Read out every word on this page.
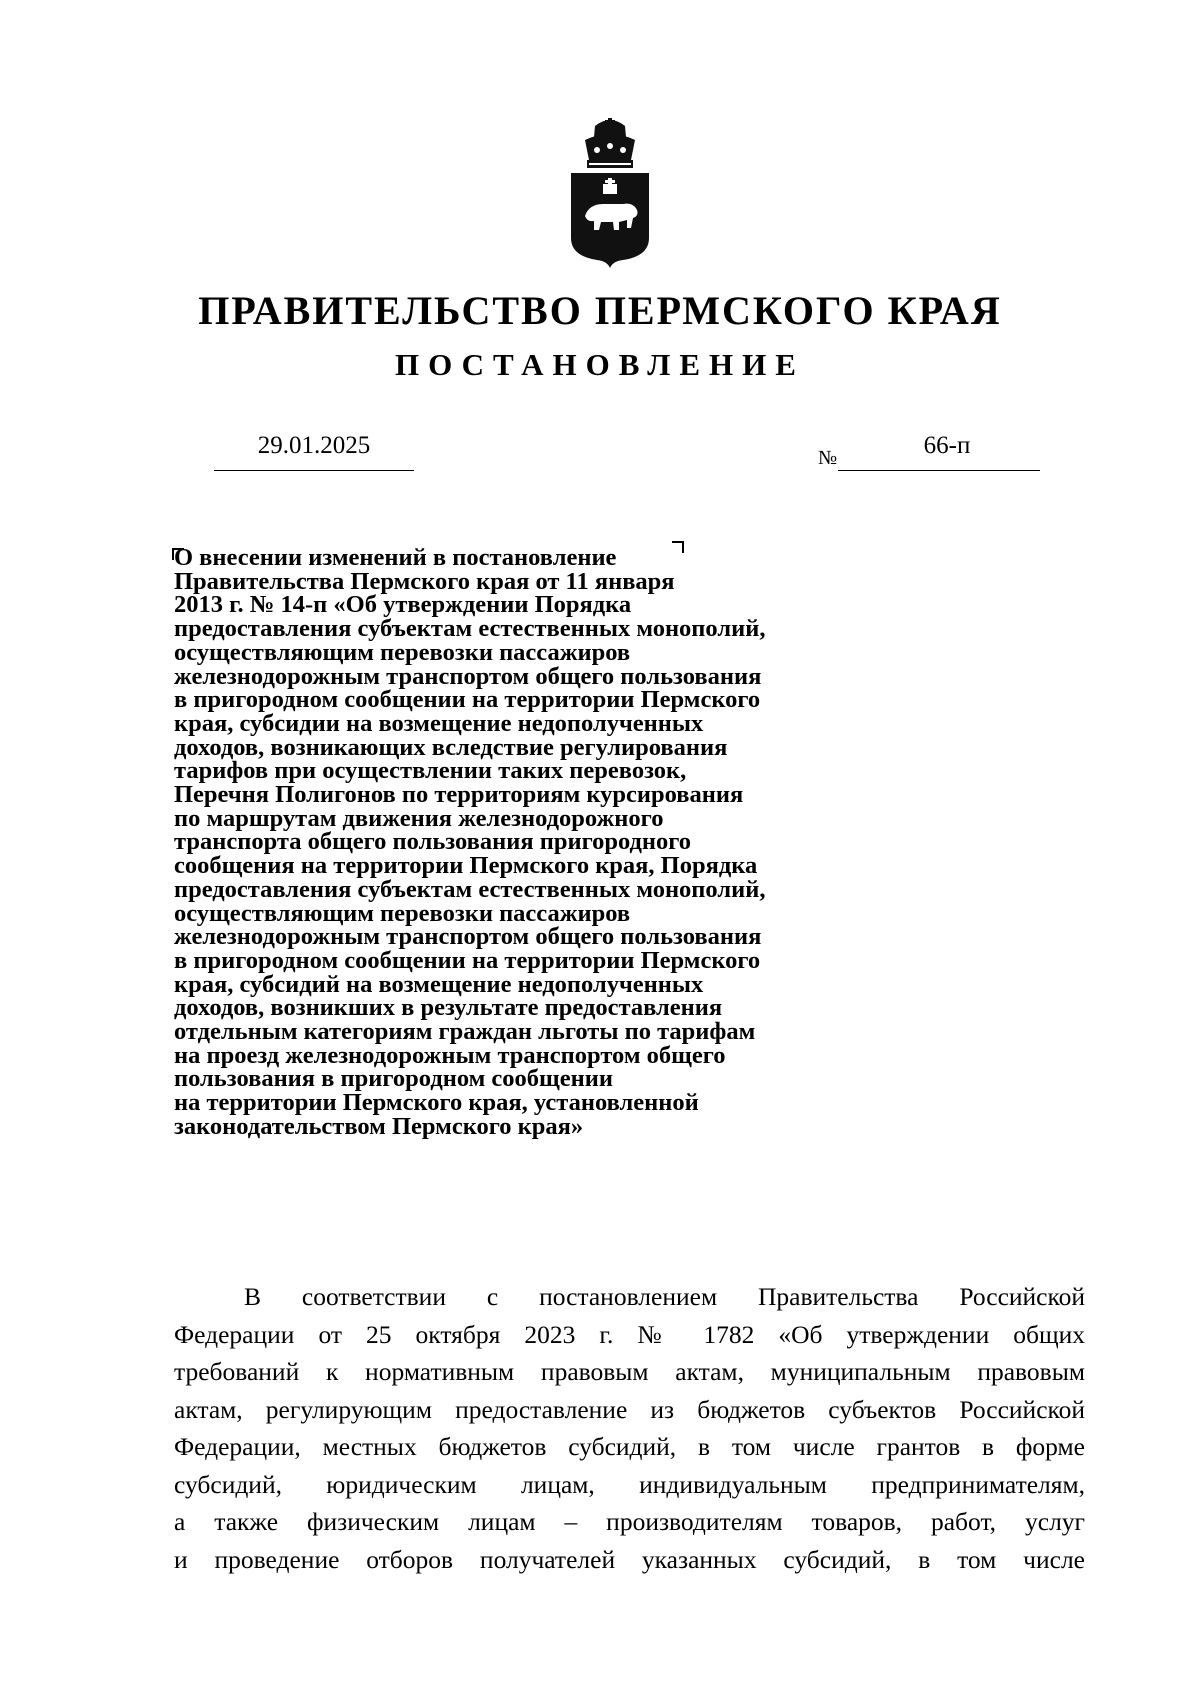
ПРАВИТЕЛЬСТВО ПЕРМСКОГО КРАЯ
ПОСТАНОВЛЕНИЕ
29.01.2025	№	66-п
О внесении изменений в постановление
Правительства Пермского края от 11 января
2013 г. № 14-п «Об утверждении Порядка
предоставления субъектам естественных монополий,
осуществляющим перевозки пассажиров
железнодорожным транспортом общего пользования
в пригородном сообщении на территории Пермского
края, субсидии на возмещение недополученных
доходов, возникающих вследствие регулирования
тарифов при осуществлении таких перевозок,
Перечня Полигонов по территориям курсирования
по маршрутам движения железнодорожного
транспорта общего пользования пригородного
сообщения на территории Пермского края, Порядка
предоставления субъектам естественных монополий,
осуществляющим перевозки пассажиров
железнодорожным транспортом общего пользования
в пригородном сообщении на территории Пермского
края, субсидий на возмещение недополученных
доходов, возникших в результате предоставления
отдельным категориям граждан льготы по тарифам
на проезд железнодорожным транспортом общего
пользования в пригородном сообщении
на территории Пермского края, установленной
законодательством Пермского края»
В соответствии с постановлением Правительства Российской
Федерации от 25 октября 2023 г. № 1782 «Об утверждении общих
требований к нормативным правовым актам, муниципальным правовым
актам, регулирующим предоставление из бюджетов субъектов Российской
Федерации, местных бюджетов субсидий, в том числе грантов в форме
субсидий, юридическим лицам, индивидуальным предпринимателям,
а также физическим лицам – производителям товаров, работ, услуг
и проведение отборов получателей указанных субсидий, в том числе
